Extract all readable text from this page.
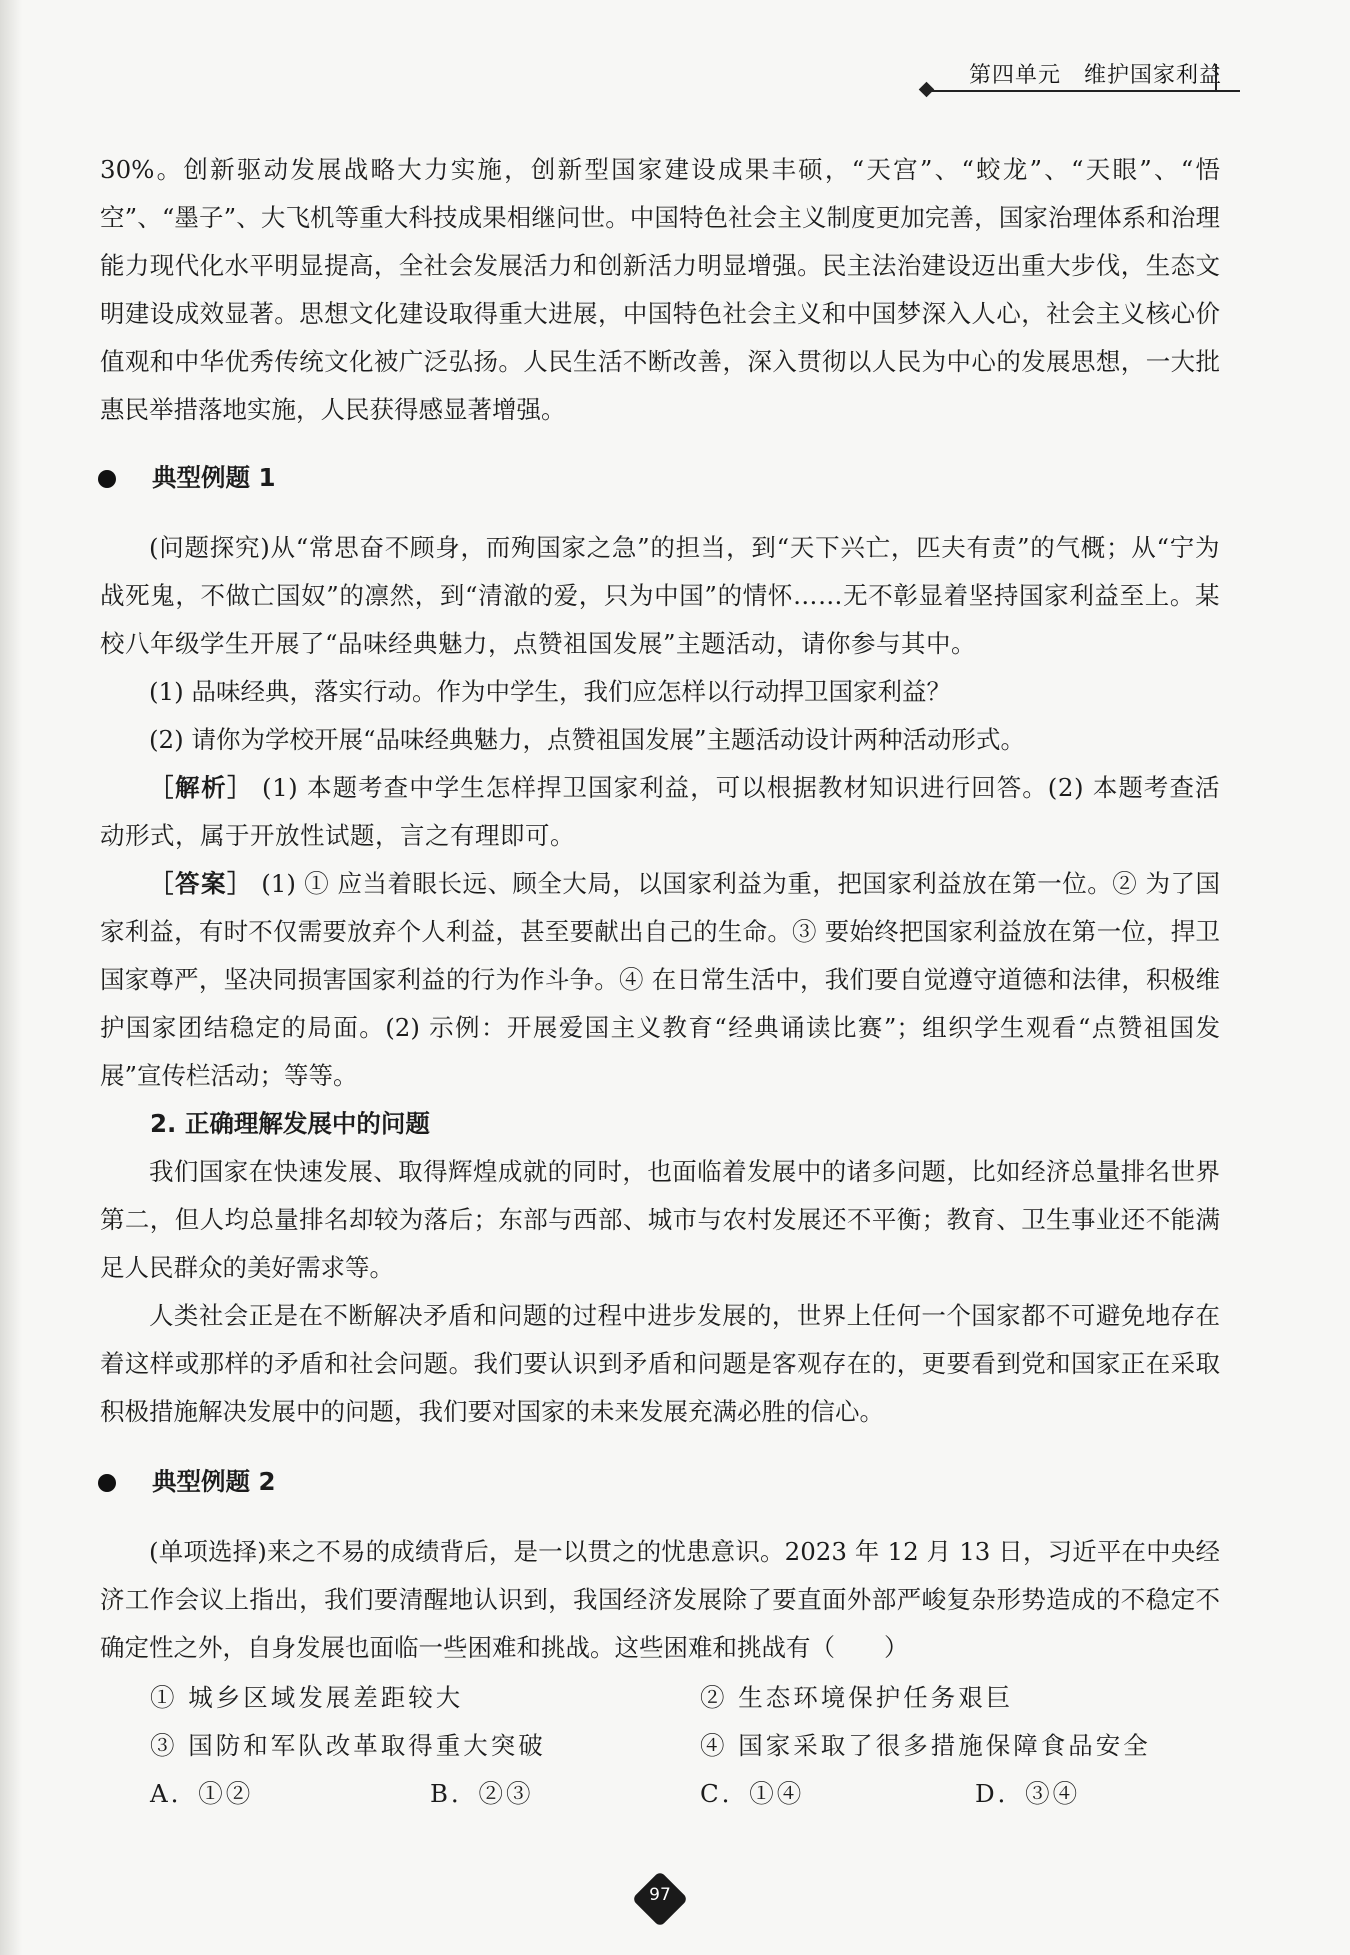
第四单元　维护国家利益

30%。创新驱动发展战略大力实施，创新型国家建设成果丰硕，“天宫”、“蛟龙”、“天眼”、“悟空”、“墨子”、大飞机等重大科技成果相继问世。中国特色社会主义制度更加完善，国家治理体系和治理能力现代化水平明显提高，全社会发展活力和创新活力明显增强。民主法治建设迈出重大步伐，生态文明建设成效显著。思想文化建设取得重大进展，中国特色社会主义和中国梦深入人心，社会主义核心价值观和中华优秀传统文化被广泛弘扬。人民生活不断改善，深入贯彻以人民为中心的发展思想，一大批惠民举措落地实施，人民获得感显著增强。

典型例题 1

(问题探究)从“常思奋不顾身，而殉国家之急”的担当，到“天下兴亡，匹夫有责”的气概；从“宁为战死鬼，不做亡国奴”的凛然，到“清澈的爱，只为中国”的情怀……无不彰显着坚持国家利益至上。某校八年级学生开展了“品味经典魅力，点赞祖国发展”主题活动，请你参与其中。

(1) 品味经典，落实行动。作为中学生，我们应怎样以行动捍卫国家利益？

(2) 请你为学校开展“品味经典魅力，点赞祖国发展”主题活动设计两种活动形式。

［解析］ (1) 本题考查中学生怎样捍卫国家利益，可以根据教材知识进行回答。(2) 本题考查活动形式，属于开放性试题，言之有理即可。

［答案］ (1) ① 应当着眼长远、顾全大局，以国家利益为重，把国家利益放在第一位。② 为了国家利益，有时不仅需要放弃个人利益，甚至要献出自己的生命。③ 要始终把国家利益放在第一位，捍卫国家尊严，坚决同损害国家利益的行为作斗争。④ 在日常生活中，我们要自觉遵守道德和法律，积极维护国家团结稳定的局面。(2) 示例：开展爱国主义教育“经典诵读比赛”；组织学生观看“点赞祖国发展”宣传栏活动；等等。

2. 正确理解发展中的问题

我们国家在快速发展、取得辉煌成就的同时，也面临着发展中的诸多问题，比如经济总量排名世界第二，但人均总量排名却较为落后；东部与西部、城市与农村发展还不平衡；教育、卫生事业还不能满足人民群众的美好需求等。

人类社会正是在不断解决矛盾和问题的过程中进步发展的，世界上任何一个国家都不可避免地存在着这样或那样的矛盾和社会问题。我们要认识到矛盾和问题是客观存在的，更要看到党和国家正在采取积极措施解决发展中的问题，我们要对国家的未来发展充满必胜的信心。

典型例题 2

(单项选择)来之不易的成绩背后，是一以贯之的忧患意识。2023 年 12 月 13 日，习近平在中央经济工作会议上指出，我们要清醒地认识到，我国经济发展除了要直面外部严峻复杂形势造成的不稳定不确定性之外，自身发展也面临一些困难和挑战。这些困难和挑战有（　　）

① 城乡区域发展差距较大	② 生态环境保护任务艰巨
③ 国防和军队改革取得重大突破	④ 国家采取了很多措施保障食品安全
A．①②	B．②③	C．①④	D．③④
97
